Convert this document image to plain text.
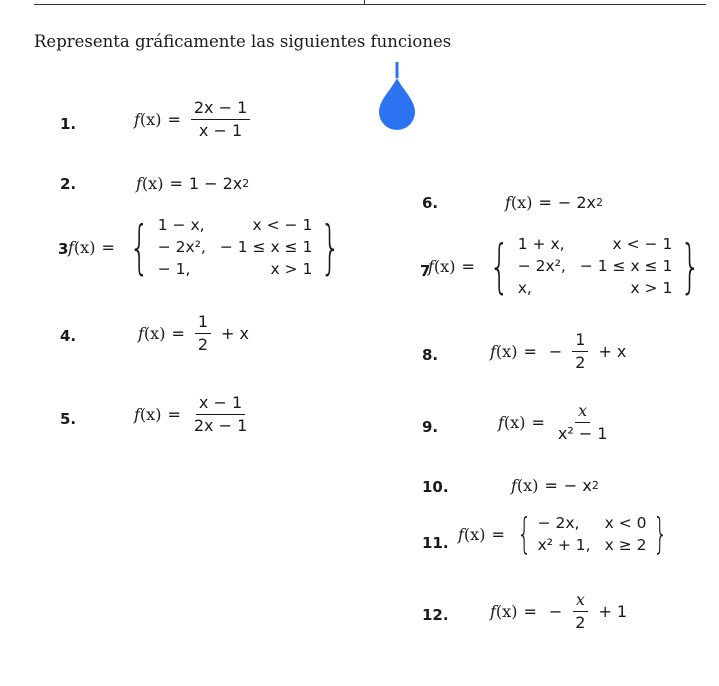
Representa gráficamente las siguientes funciones
1.	$f(x) = \frac{2x - 1}{x - 1}$
2.	f(x) = 1 − 2x 2
3 f(x) = { 1 − x,	x < − 1
− 2x², − 1 ≤ x ≤ 1
− 1,	x > 1 }
4.	$f(x) = \frac{1}{2} + x$
5.	$f(x) = \frac{x - 1}{2x - 1}$
6.	f(x) = − 2x 2
7
f(x) = { 1 + x,	x < − 1
− 2x², − 1 ≤ x ≤ 1
x,	x > 1 }
8.	f(x) = − $\frac{1}{2} + x$
9.	$f(x) = \frac{x}{\text{x² − 1}}$
10.	f(x) = − x 2
11. f(x) = { − 2x,	x < 0
x² + 1, x ≥ 2 }
12.	f(x) = − $\frac{x}{2} + 1$
